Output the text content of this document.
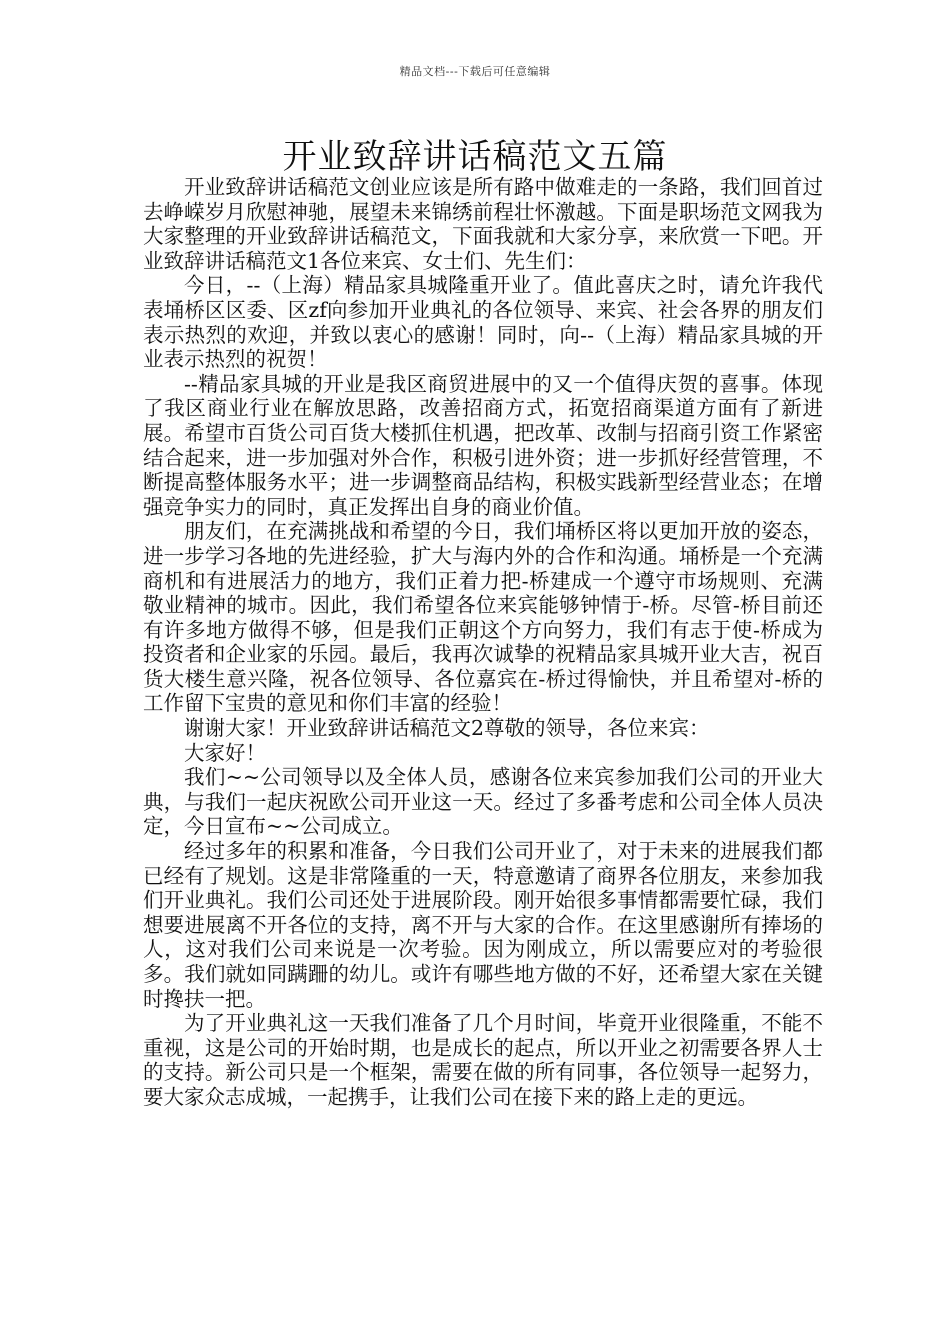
精品文档---下载后可任意编辑
开业致辞讲话稿范文五篇

开业致辞讲话稿范文创业应该是所有路中做难走的一条路，我们回首过去峥嵘岁月欣慰神驰，展望未来锦绣前程壮怀激越。下面是职场范文网我为大家整理的开业致辞讲话稿范文，下面我就和大家分享，来欣赏一下吧。开业致辞讲话稿范文1各位来宾、女士们、先生们：

今日，--（上海）精品家具城隆重开业了。值此喜庆之时，请允许我代表埇桥区区委、区zf向参加开业典礼的各位领导、来宾、社会各界的朋友们表示热烈的欢迎，并致以衷心的感谢！同时，向--（上海）精品家具城的开业表示热烈的祝贺！

--精品家具城的开业是我区商贸进展中的又一个值得庆贺的喜事。体现了我区商业行业在解放思路，改善招商方式，拓宽招商渠道方面有了新进展。希望市百货公司百货大楼抓住机遇，把改革、改制与招商引资工作紧密结合起来，进一步加强对外合作，积极引进外资；进一步抓好经营管理，不断提高整体服务水平；进一步调整商品结构，积极实践新型经营业态；在增强竞争实力的同时，真正发挥出自身的商业价值。

朋友们，在充满挑战和希望的今日，我们埇桥区将以更加开放的姿态，进一步学习各地的先进经验，扩大与海内外的合作和沟通。埇桥是一个充满商机和有进展活力的地方，我们正着力把-桥建成一个遵守市场规则、充满敬业精神的城市。因此，我们希望各位来宾能够钟情于-桥。尽管-桥目前还有许多地方做得不够，但是我们正朝这个方向努力，我们有志于使-桥成为投资者和企业家的乐园。最后，我再次诚挚的祝精品家具城开业大吉，祝百货大楼生意兴隆，祝各位领导、各位嘉宾在-桥过得愉快，并且希望对-桥的工作留下宝贵的意见和你们丰富的经验！

谢谢大家！开业致辞讲话稿范文2尊敬的领导，各位来宾：

大家好！

我们~~公司领导以及全体人员，感谢各位来宾参加我们公司的开业大典，与我们一起庆祝欧公司开业这一天。经过了多番考虑和公司全体人员决定，今日宣布~~公司成立。

经过多年的积累和准备，今日我们公司开业了，对于未来的进展我们都已经有了规划。这是非常隆重的一天，特意邀请了商界各位朋友，来参加我们开业典礼。我们公司还处于进展阶段。刚开始很多事情都需要忙碌，我们想要进展离不开各位的支持，离不开与大家的合作。在这里感谢所有捧场的人，这对我们公司来说是一次考验。因为刚成立，所以需要应对的考验很多。我们就如同蹒跚的幼儿。或许有哪些地方做的不好，还希望大家在关键时搀扶一把。

为了开业典礼这一天我们准备了几个月时间，毕竟开业很隆重，不能不重视，这是公司的开始时期，也是成长的起点，所以开业之初需要各界人士的支持。新公司只是一个框架，需要在做的所有同事，各位领导一起努力，要大家众志成城，一起携手，让我们公司在接下来的路上走的更远。
